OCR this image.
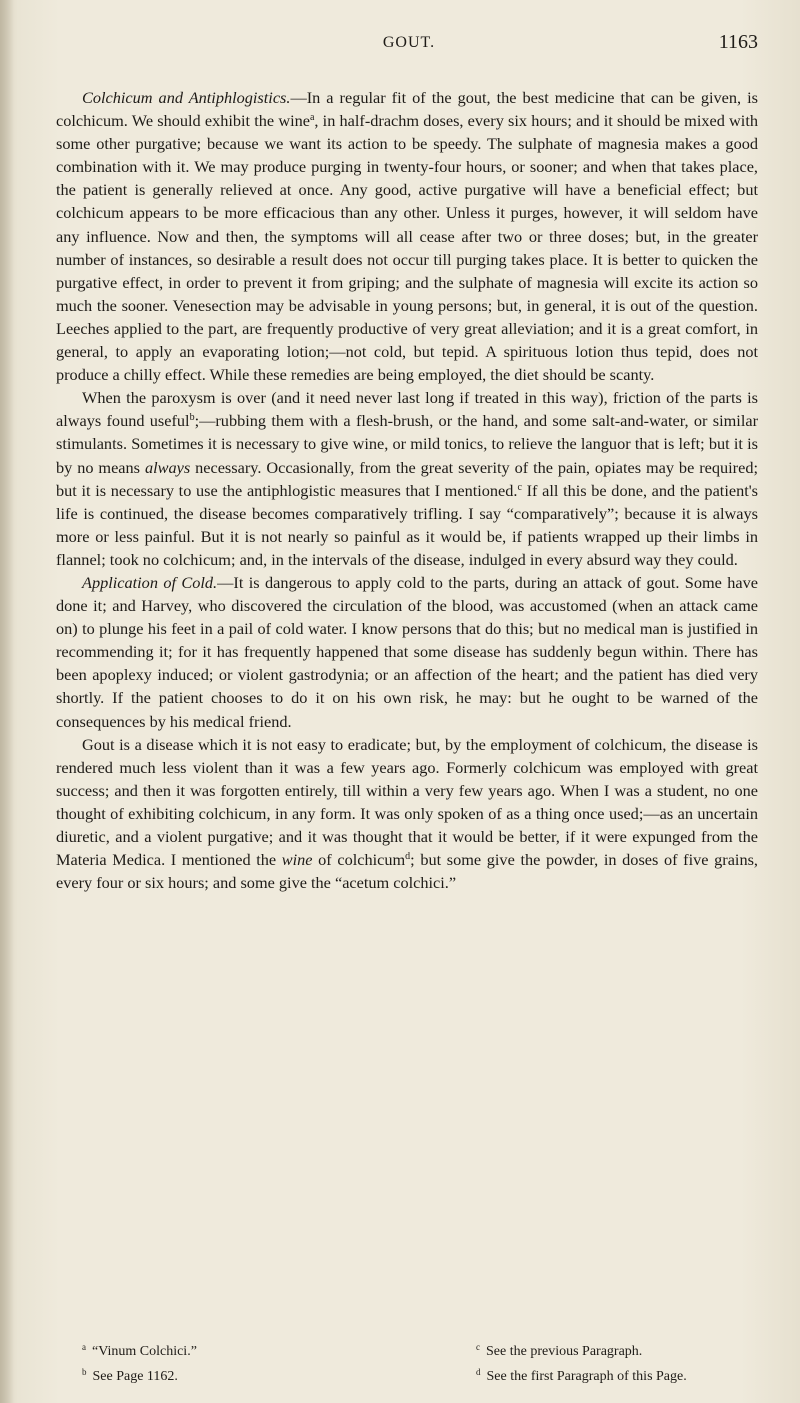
GOUT.	1163

Colchicum and Antiphlogistics.—In a regular fit of the gout, the best medicine that can be given, is colchicum. We should exhibit the wine$^a$, in half-drachm doses, every six hours; and it should be mixed with some other purgative; because we want its action to be speedy. The sulphate of magnesia makes a good combination with it. We may produce purging in twenty-four hours, or sooner; and when that takes place, the patient is generally relieved at once. Any good, active purgative will have a beneficial effect; but colchicum appears to be more efficacious than any other. Unless it purges, however, it will seldom have any influence. Now and then, the symptoms will all cease after two or three doses; but, in the greater number of instances, so desirable a result does not occur till purging takes place. It is better to quicken the purgative effect, in order to prevent it from griping; and the sulphate of magnesia will excite its action so much the sooner. Venesection may be advisable in young persons; but, in general, it is out of the question. Leeches applied to the part, are frequently productive of very great alleviation; and it is a great comfort, in general, to apply an evaporating lotion;—not cold, but tepid. A spirituous lotion thus tepid, does not produce a chilly effect. While these remedies are being employed, the diet should be scanty.

When the paroxysm is over (and it need never last long if treated in this way), friction of the parts is always found useful$^b$;—rubbing them with a flesh-brush, or the hand, and some salt-and-water, or similar stimulants. Sometimes it is necessary to give wine, or mild tonics, to relieve the languor that is left; but it is by no means always necessary. Occasionally, from the great severity of the pain, opiates may be required; but it is necessary to use the antiphlogistic measures that I mentioned.$^c$ If all this be done, and the patient's life is continued, the disease becomes comparatively trifling. I say “comparatively”; because it is always more or less painful. But it is not nearly so painful as it would be, if patients wrapped up their limbs in flannel; took no colchicum; and, in the intervals of the disease, indulged in every absurd way they could.

Application of Cold.—It is dangerous to apply cold to the parts, during an attack of gout. Some have done it; and Harvey, who discovered the circulation of the blood, was accustomed (when an attack came on) to plunge his feet in a pail of cold water. I know persons that do this; but no medical man is justified in recommending it; for it has frequently happened that some disease has suddenly begun within. There has been apoplexy induced; or violent gastrodynia; or an affection of the heart; and the patient has died very shortly. If the patient chooses to do it on his own risk, he may: but he ought to be warned of the consequences by his medical friend.

Gout is a disease which it is not easy to eradicate; but, by the employment of colchicum, the disease is rendered much less violent than it was a few years ago. Formerly colchicum was employed with great success; and then it was forgotten entirely, till within a very few years ago. When I was a student, no one thought of exhibiting colchicum, in any form. It was only spoken of as a thing once used;—as an uncertain diuretic, and a violent purgative; and it was thought that it would be better, if it were expunged from the Materia Medica. I mentioned the wine of colchicum$^d$; but some give the powder, in doses of five grains, every four or six hours; and some give the “acetum colchici.”

$^a$ “Vinum Colchici.”	$^c$ See the previous Paragraph.
$^b$ See Page 1162.	$^d$ See the first Paragraph of this Page.
